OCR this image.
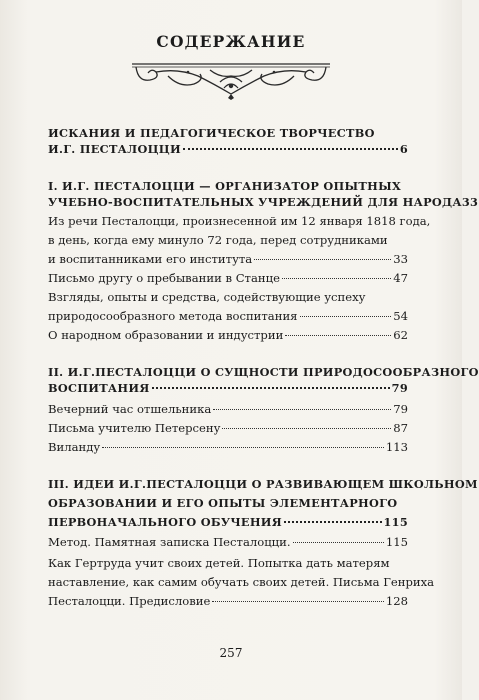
СОДЕРЖАНИЕ
ИСКАНИЯ И ПЕДАГОГИЧЕСКОЕ ТВОРЧЕСТВО
И.Г. ПЕСТАЛОЦЦИ	6
I. И.Г. ПЕСТАЛОЦЦИ — ОРГАНИЗАТОР ОПЫТНЫХ
УЧЕБНО-ВОСПИТАТЕЛЬНЫХ УЧРЕЖДЕНИЙ ДЛЯ НАРОДА 33
Из речи Песталоцци, произнесенной им 12 января 1818 года,
в день, когда ему минуло 72 года, перед сотрудниками
и воспитанниками его института	33
Письмо другу о пребывании в Станце	47
Взгляды, опыты и средства, содействующие успеху
природосообразного метода воспитания	54
О народном образовании и индустрии	62
II. И.Г.ПЕСТАЛОЦЦИ О СУЩНОСТИ ПРИРОДОСООБРАЗНОГО
ВОСПИТАНИЯ	79
Вечерний час отшельника	79
Письма учителю Петерсену	87
Виланду	113
III. ИДЕИ И.Г.ПЕСТАЛОЦЦИ О РАЗВИВАЮЩЕМ ШКОЛЬНОМ
ОБРАЗОВАНИИ И ЕГО ОПЫТЫ ЭЛЕМЕНТАРНОГО
ПЕРВОНАЧАЛЬНОГО ОБУЧЕНИЯ	115
Метод. Памятная записка Песталоцци.	115
Как Гертруда учит своих детей. Попытка дать матерям
наставление, как самим обучать своих детей. Письма Генриха
Песталоцци. Предисловие	128
257
